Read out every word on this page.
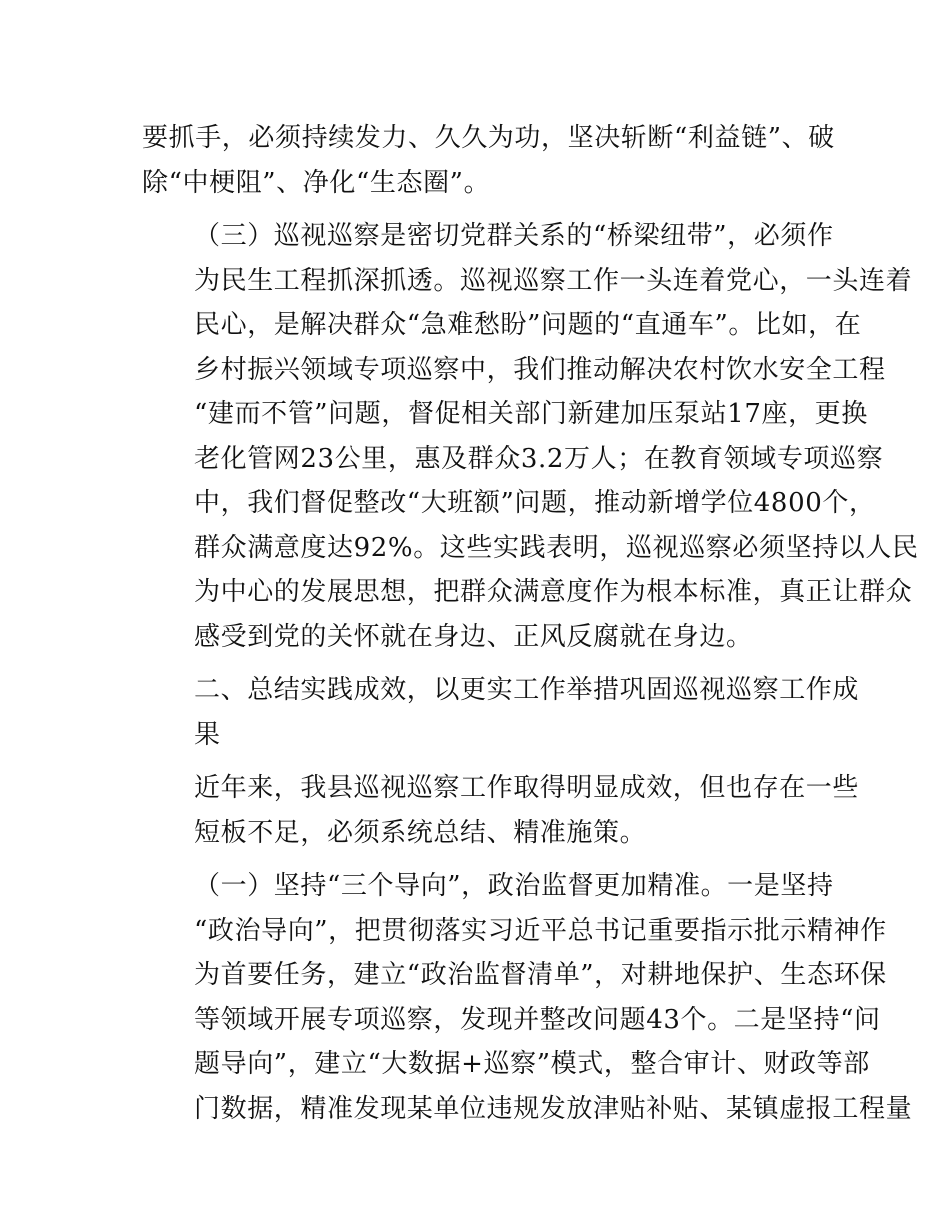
要抓手，必须持续发力、久久为功，坚决斩断“利益链”、破
除“中梗阻”、净化“生态圈”。

（三）巡视巡察是密切党群关系的“桥梁纽带”，必须作
为民生工程抓深抓透。巡视巡察工作一头连着党心，一头连着
民心，是解决群众“急难愁盼”问题的“直通车”。比如，在
乡村振兴领域专项巡察中，我们推动解决农村饮水安全工程
“建而不管”问题，督促相关部门新建加压泵站17座，更换
老化管网23公里，惠及群众3.2万人；在教育领域专项巡察
中，我们督促整改“大班额”问题，推动新增学位4800个，
群众满意度达92%。这些实践表明，巡视巡察必须坚持以人民
为中心的发展思想，把群众满意度作为根本标准，真正让群众
感受到党的关怀就在身边、正风反腐就在身边。

二、总结实践成效，以更实工作举措巩固巡视巡察工作成
果

近年来，我县巡视巡察工作取得明显成效，但也存在一些
短板不足，必须系统总结、精准施策。

（一）坚持“三个导向”，政治监督更加精准。一是坚持
“政治导向”，把贯彻落实习近平总书记重要指示批示精神作
为首要任务，建立“政治监督清单”，对耕地保护、生态环保
等领域开展专项巡察，发现并整改问题43个。二是坚持“问
题导向”，建立“大数据+巡察”模式，整合审计、财政等部
门数据，精准发现某单位违规发放津贴补贴、某镇虚报工程量
